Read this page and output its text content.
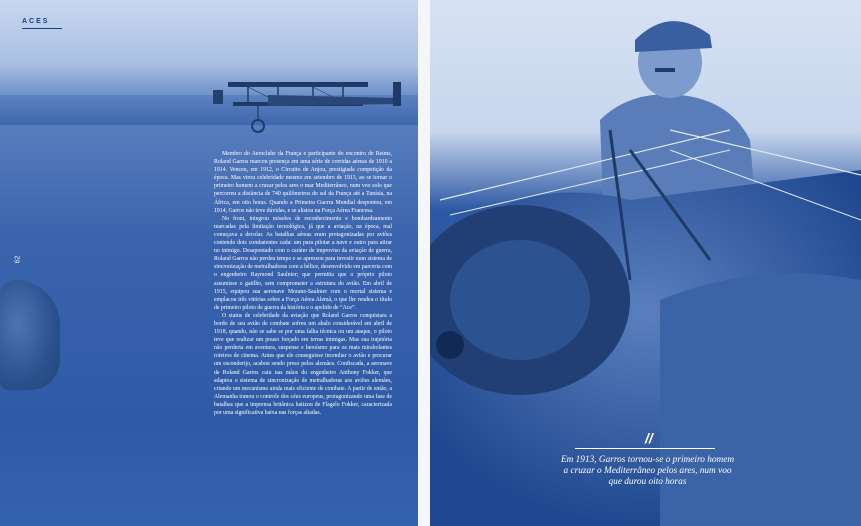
ACES
62

Membro do Aeroclube da França e participante do encontro de Reims, Roland Garros marcou presença em uma série de corridas aéreas de 1910 a 1914. Venceu, em 1912, o Circuito de Anjou, prestigiada competição da época. Mas virou celebridade mesmo em setembro de 1913, ao se tornar o primeiro homem a cruzar pelos ares o mar Mediterrâneo, num voo solo que percorreu a distância de 740 quilômetros do sul da França até a Tunísia, na África, em oito horas. Quando a Primeira Guerra Mundial despontou, em 1914, Garros não teve dúvidas, e se alistou na Força Aérea Francesa.

No front, integrou missões de reconhecimento e bombardeamento marcadas pela limitação tecnológica, já que a aviação, na época, mal começava a decolar. As batalhas aéreas eram protagonizadas por aviões contendo dois combatentes cada: um para pilotar a nave e outro para atirar no inimigo. Desapontado com o caráter de improviso da aviação de guerra, Roland Garros não perdeu tempo e se apressou para investir num sistema de sincronização de metralhadoras com a hélice, desenvolvido em parceria com o engenheiro Raymond Saulnier; que permitia que o próprio piloto assumisse o gatilho, sem comprometer a estrutura do avião. Em abril de 1915, equipou sua aeronave Morane-Saulnier com o mortal sistema e emplacou três vitórias sobre a Força Aérea Alemã, o que lhe rendeu o título de primeiro piloto de guerra da história e o apelido de “Ace”.

O status de celebridade da aviação que Roland Garros conquistara a bordo de seu avião de combate sofreu um abalo considerável em abril de 1918, quando, não se sabe se por uma falha técnica ou um ataque, o piloto teve que realizar um pouso forçado em terras inimigas. Mas sua trajetória não perderia em aventura, suspense e heroísmo para os mais mirabolantes roteiros de cinema. Antes que ele conseguisse incendiar o avião e procurar um esconderijo, acabou sendo preso pelos alemães. Confiscada, a aeronave de Roland Garros caiu nas mãos do engenheiro Anthony Fokker, que adaptou o sistema de sincronização de metralhadoras aos aviões alemães, criando um mecanismo ainda mais eficiente de combate. A partir de então, a Alemanha tomou o controle dos céus europeus, protagonizando uma fase de batalhas que a imprensa britânica batizou de Flagelo Fokker, caracterizada por uma significativa baixa nas forças aliadas.

//
Em 1913, Garros tornou-se o primeiro homem a cruzar o Mediterrâneo pelos ares, num voo que durou oito horas
